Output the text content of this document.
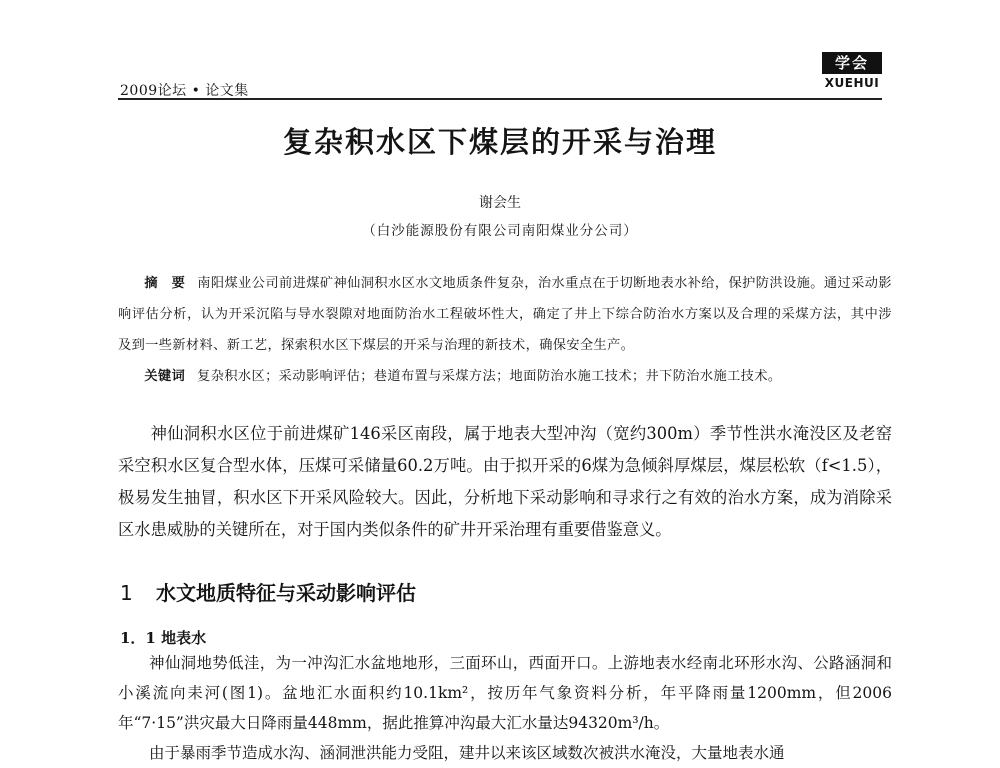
2009论坛 • 论文集
学会
XUEHUI
复杂积水区下煤层的开采与治理
谢会生
（白沙能源股份有限公司南阳煤业分公司）

摘　要 南阳煤业公司前进煤矿神仙洞积水区水文地质条件复杂，治水重点在于切断地表水补给，保护防洪设施。通过采动影响评估分析，认为开采沉陷与导水裂隙对地面防治水工程破坏性大，确定了井上下综合防治水方案以及合理的采煤方法，其中涉及到一些新材料、新工艺，探索积水区下煤层的开采与治理的新技术，确保安全生产。

关键词 复杂积水区；采动影响评估；巷道布置与采煤方法；地面防治水施工技术；井下防治水施工技术。

神仙洞积水区位于前进煤矿146采区南段，属于地表大型冲沟（宽约300m）季节性洪水淹没区及老窑采空积水区复合型水体，压煤可采储量60.2万吨。由于拟开采的6煤为急倾斜厚煤层，煤层松软（f<1.5），极易发生抽冒，积水区下开采风险较大。因此，分析地下采动影响和寻求行之有效的治水方案，成为消除采区水患威胁的关键所在，对于国内类似条件的矿井开采治理有重要借鉴意义。

1 水文地质特征与采动影响评估
1．1 地表水

神仙洞地势低洼，为一冲沟汇水盆地地形，三面环山，西面开口。上游地表水经南北环形水沟、公路涵洞和小溪流向耒河(图1)。盆地汇水面积约10.1km²，按历年气象资料分析，年平降雨量1200mm，但2006年“7·15”洪灾最大日降雨量448mm，据此推算冲沟最大汇水量达94320m³/h。

由于暴雨季节造成水沟、涵洞泄洪能力受阻，建井以来该区域数次被洪水淹没，大量地表水通
